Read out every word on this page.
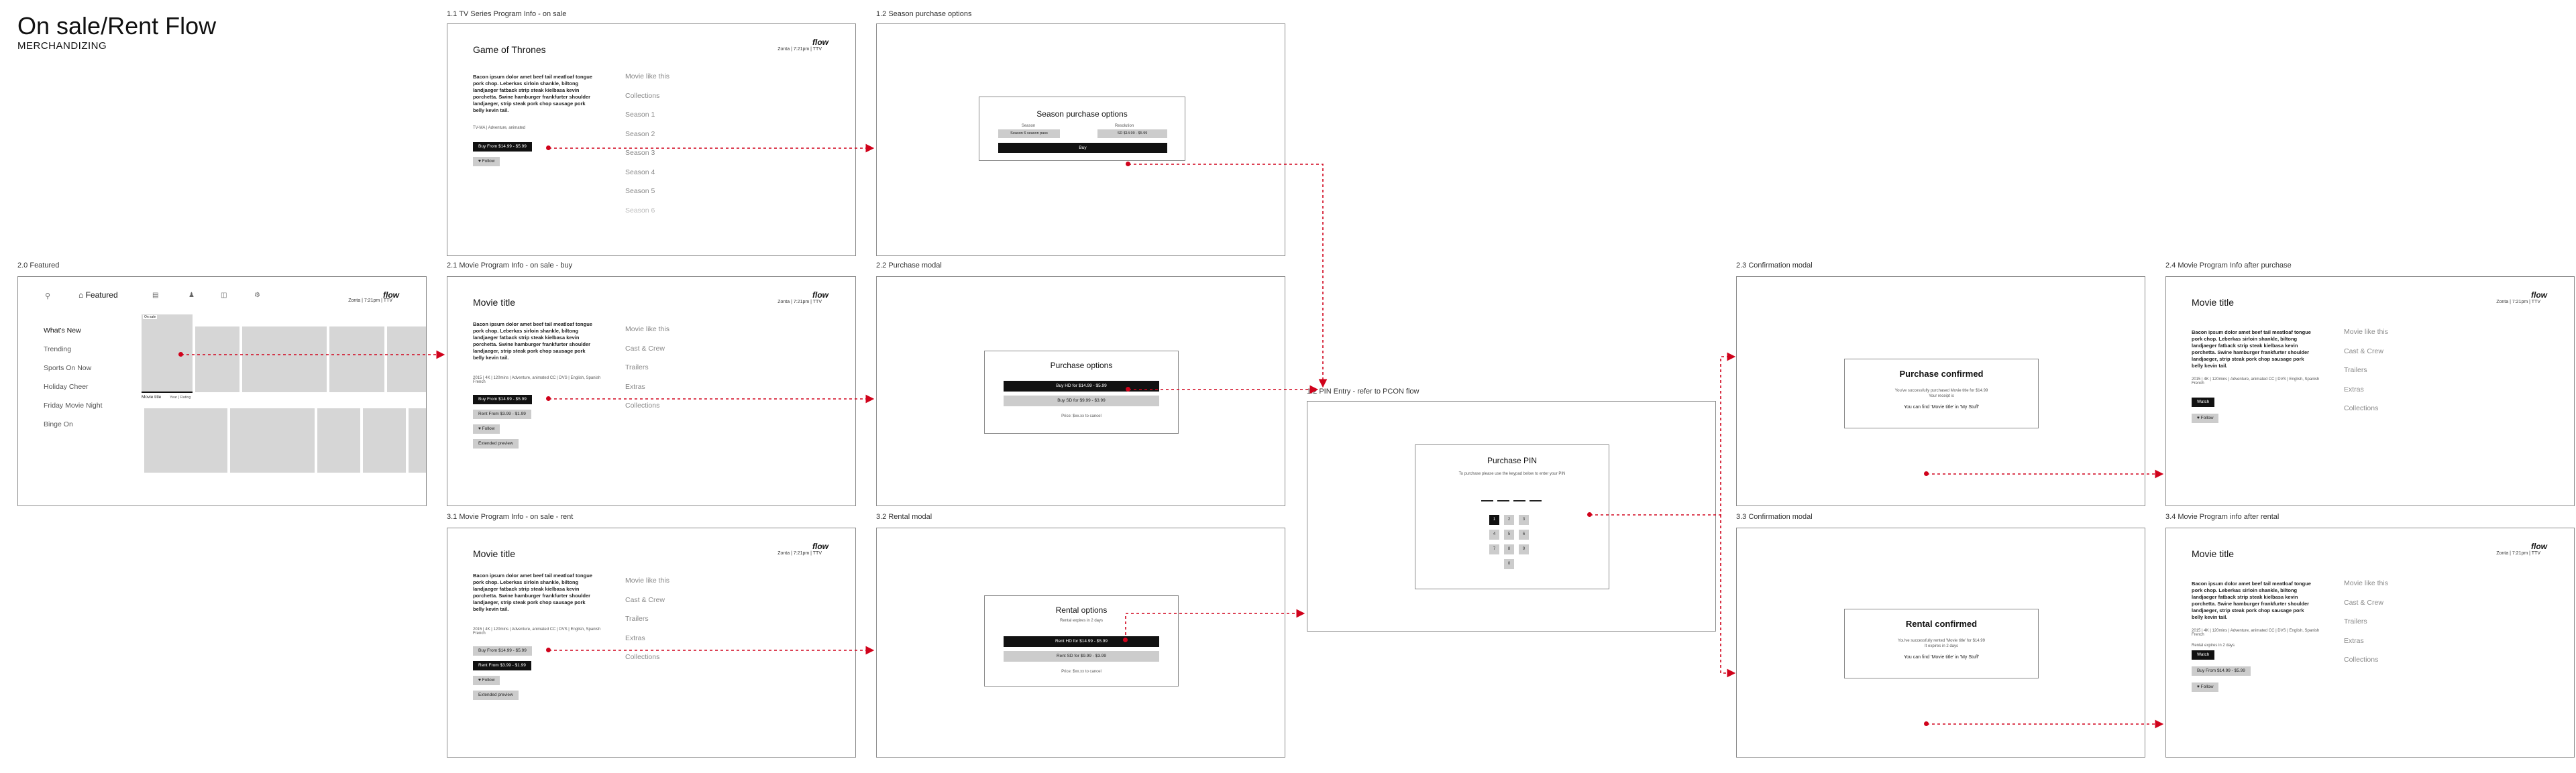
On sale/Rent Flow
MERCHANDIZING
1.1 TV Series Program Info - on sale	1.2 Season purchase options
2.0 Featured	2.1 Movie Program Info - on sale - buy	2.2 Purchase modal	2.3 Confirmation modal	2.4 Movie Program Info after purchase
1.2 PIN Entry - refer to PCON flow
3.1 Movie Program Info - on sale - rent	3.2 Rental modal	3.3 Confirmation modal	3.4 Movie Program info after rental
Game of Thrones	Zonta | 7:21pm | TTV
flow
Bacon ipsum dolor amet beef tail meatloaf tongue pork chop. Leberkas sirloin shankle, biltong landjaeger fatback strip steak kielbasa kevin porchetta. Swine hamburger frankfurter shoulder landjaeger, strip steak pork chop sausage pork belly kevin tail.
TV-MA | Adventure, animated
Buy From $14.99 - $5.99
♥ Follow
Movie like this
Collections
Season 1
Season 2
Season 3
Season 4
Season 5
Season 6
Season purchase options
Season
Season 6 season pass
Resolution
SD $14.99 - $5.99
Buy
⚲	⌂ Featured	▤	♟	◫	⚙
Zonta | 7:21pm | TTV
flow
What's New
Trending
Sports On Now
Holiday Cheer
Friday Movie Night
Binge On
On sale
Movie title Year | Rating
Movie title	Zonta | 7:21pm | TTV
flow
Bacon ipsum dolor amet beef tail meatloaf tongue pork chop. Leberkas sirloin shankle, biltong landjaeger fatback strip steak kielbasa kevin porchetta. Swine hamburger frankfurter shoulder landjaeger, strip steak pork chop sausage pork belly kevin tail.
2015 | 4K | 120mins | Adventure, animated CC | DVS | English, Spanish French
Buy From $14.99 - $5.99
Rent From $3.99 - $1.99
♥ Follow
Extended preview
Movie like this
Cast & Crew
Trailers
Extras
Collections
Purchase options
Buy HD for $14.99 - $5.99
Buy SD for $9.99 - $3.99
Price: $xx.xx to cancel
Purchase PIN
To purchase please use the keypad below to enter your PIN
1	2	3
4	5	6
7	8	9
0
Purchase confirmed
You've successfully purchased Movie title for $14.99
Your receipt is
You can find 'Movie title' in 'My Stuff'
Movie title	Zonta | 7:21pm | TTV
flow
Bacon ipsum dolor amet beef tail meatloaf tongue pork chop. Leberkas sirloin shankle, biltong landjaeger fatback strip steak kielbasa kevin porchetta. Swine hamburger frankfurter shoulder landjaeger, strip steak pork chop sausage pork belly kevin tail.
2015 | 4K | 120mins | Adventure, animated CC | DVS | English, Spanish French
Watch
♥ Follow
Movie like this
Cast & Crew
Trailers
Extras
Collections
Movie title	Zonta | 7:21pm | TTV
flow
Bacon ipsum dolor amet beef tail meatloaf tongue pork chop. Leberkas sirloin shankle, biltong landjaeger fatback strip steak kielbasa kevin porchetta. Swine hamburger frankfurter shoulder landjaeger, strip steak pork chop sausage pork belly kevin tail.
2015 | 4K | 120mins | Adventure, animated CC | DVS | English, Spanish French
Buy From $14.99 - $5.99
Rent From $3.99 - $1.99
♥ Follow
Extended preview
Movie like this
Cast & Crew
Trailers
Extras
Collections
Rental options
Rental expires in 2 days
Rent HD for $14.99 - $5.99
Rent SD for $9.99 - $3.99
Price: $xx.xx to cancel
Rental confirmed
You've successfully rented 'Movie title' for $14.99
It expires in 2 days
You can find 'Movie title' in 'My Stuff'
Movie title	Zonta | 7:21pm | TTV
flow
Bacon ipsum dolor amet beef tail meatloaf tongue pork chop. Leberkas sirloin shankle, biltong landjaeger fatback strip steak kielbasa kevin porchetta. Swine hamburger frankfurter shoulder landjaeger, strip steak pork chop sausage pork belly kevin tail.
2015 | 4K | 120mins | Adventure, animated CC | DVS | English, Spanish French
Rental expires in 2 days
Watch
Buy From $14.99 - $5.99
♥ Follow
Movie like this
Cast & Crew
Trailers
Extras
Collections
